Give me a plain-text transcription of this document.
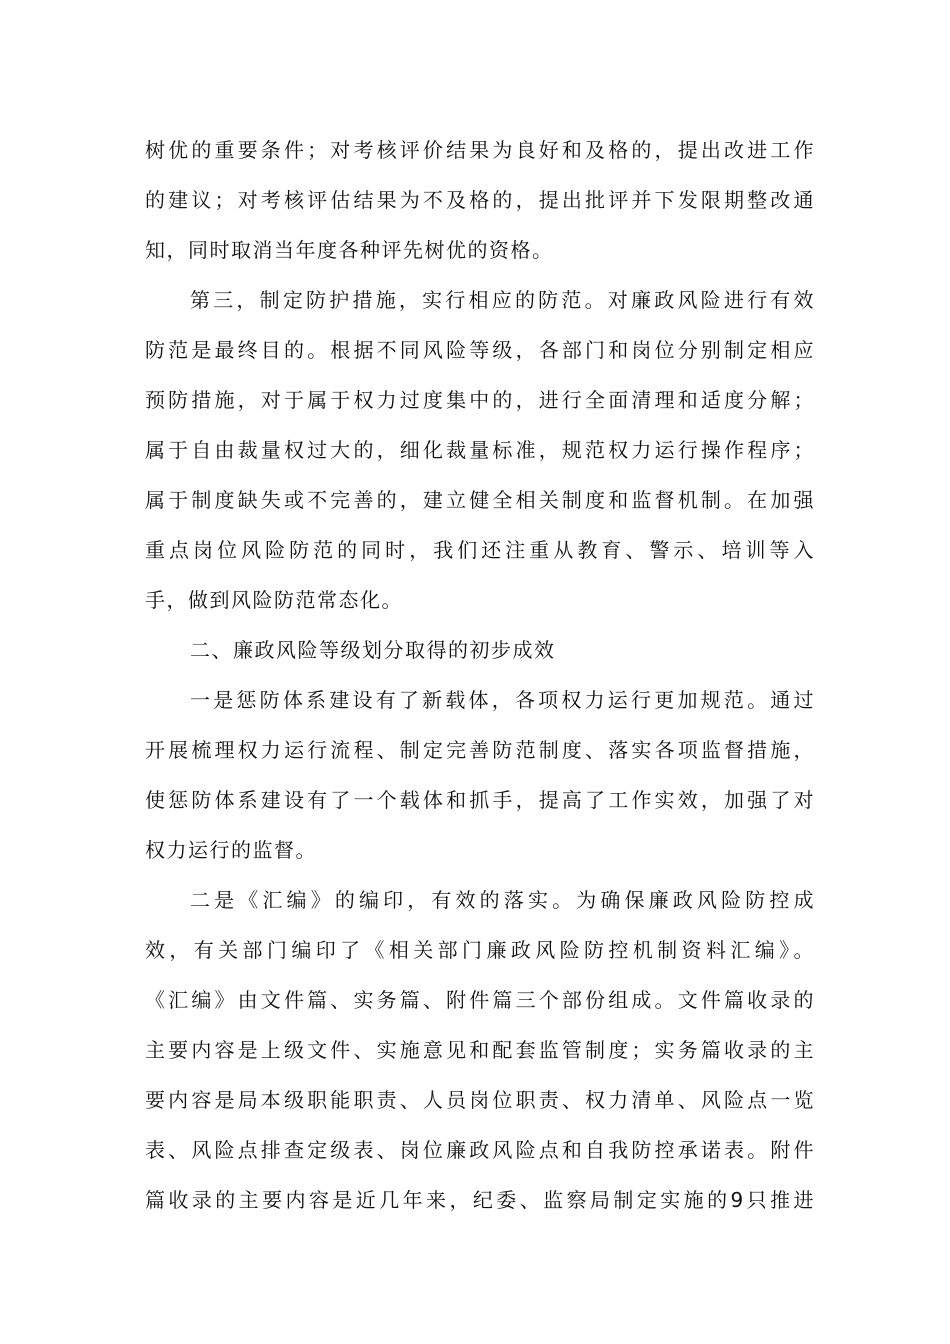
树优的重要条件；对考核评价结果为良好和及格的，提出改进工作
的建议；对考核评估结果为不及格的，提出批评并下发限期整改通
知，同时取消当年度各种评先树优的资格。
第三，制定防护措施，实行相应的防范。对廉政风险进行有效
防范是最终目的。根据不同风险等级，各部门和岗位分别制定相应
预防措施，对于属于权力过度集中的，进行全面清理和适度分解；
属于自由裁量权过大的，细化裁量标准，规范权力运行操作程序；
属于制度缺失或不完善的，建立健全相关制度和监督机制。在加强
重点岗位风险防范的同时，我们还注重从教育、警示、培训等入
手，做到风险防范常态化。
二、廉政风险等级划分取得的初步成效
一是惩防体系建设有了新载体，各项权力运行更加规范。通过
开展梳理权力运行流程、制定完善防范制度、落实各项监督措施，
使惩防体系建设有了一个载体和抓手，提高了工作实效，加强了对
权力运行的监督。
二是《汇编》的编印，有效的落实。为确保廉政风险防控成
效，有关部门编印了《相关部门廉政风险防控机制资料汇编》。
《汇编》由文件篇、实务篇、附件篇三个部份组成。文件篇收录的
主要内容是上级文件、实施意见和配套监管制度；实务篇收录的主
要内容是局本级职能职责、人员岗位职责、权力清单、风险点一览
表、风险点排查定级表、岗位廉政风险点和自我防控承诺表。附件
篇收录的主要内容是近几年来，纪委、监察局制定实施的9只推进
